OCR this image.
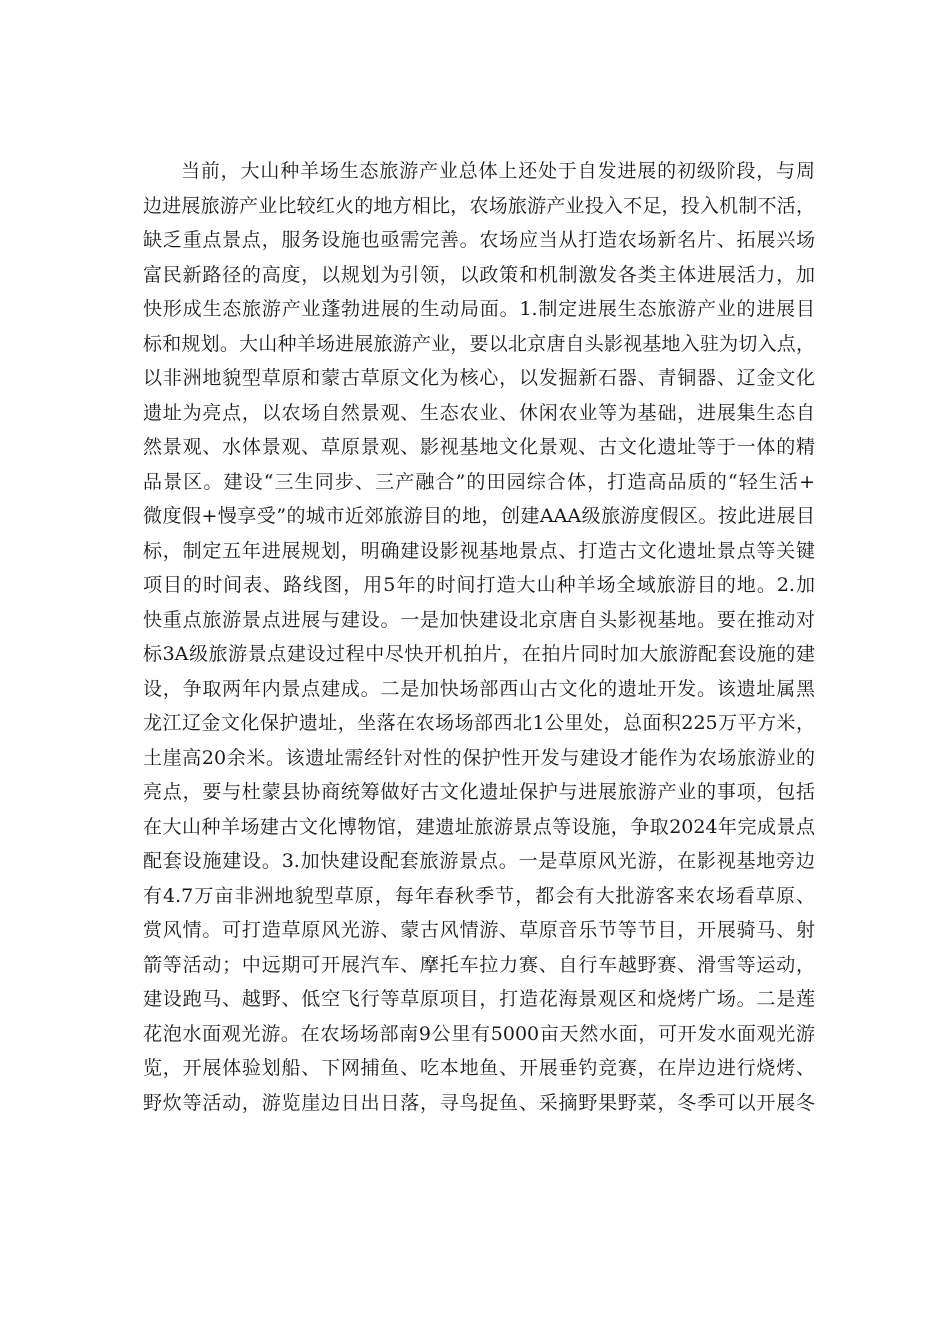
当前，大山种羊场生态旅游产业总体上还处于自发进展的初级阶段，与周
边进展旅游产业比较红火的地方相比，农场旅游产业投入不足，投入机制不活，
缺乏重点景点，服务设施也亟需完善。农场应当从打造农场新名片、拓展兴场
富民新路径的高度，以规划为引领，以政策和机制激发各类主体进展活力，加
快形成生态旅游产业蓬勃进展的生动局面。1.制定进展生态旅游产业的进展目
标和规划。大山种羊场进展旅游产业，要以北京唐自头影视基地入驻为切入点，
以非洲地貌型草原和蒙古草原文化为核心，以发掘新石器、青铜器、辽金文化
遗址为亮点，以农场自然景观、生态农业、休闲农业等为基础，进展集生态自
然景观、水体景观、草原景观、影视基地文化景观、古文化遗址等于一体的精
品景区。建设“三生同步、三产融合”的田园综合体，打造高品质的“轻生活+
微度假+慢享受”的城市近郊旅游目的地，创建AAA级旅游度假区。按此进展目
标，制定五年进展规划，明确建设影视基地景点、打造古文化遗址景点等关键
项目的时间表、路线图，用5年的时间打造大山种羊场全域旅游目的地。2.加
快重点旅游景点进展与建设。一是加快建设北京唐自头影视基地。要在推动对
标3A级旅游景点建设过程中尽快开机拍片，在拍片同时加大旅游配套设施的建
设，争取两年内景点建成。二是加快场部西山古文化的遗址开发。该遗址属黑
龙江辽金文化保护遗址，坐落在农场场部西北1公里处，总面积225万平方米，
土崖高20余米。该遗址需经针对性的保护性开发与建设才能作为农场旅游业的
亮点，要与杜蒙县协商统筹做好古文化遗址保护与进展旅游产业的事项，包括
在大山种羊场建古文化博物馆，建遗址旅游景点等设施，争取2024年完成景点
配套设施建设。3.加快建设配套旅游景点。一是草原风光游，在影视基地旁边
有4.7万亩非洲地貌型草原，每年春秋季节，都会有大批游客来农场看草原、
赏风情。可打造草原风光游、蒙古风情游、草原音乐节等节目，开展骑马、射
箭等活动；中远期可开展汽车、摩托车拉力赛、自行车越野赛、滑雪等运动，
建设跑马、越野、低空飞行等草原项目，打造花海景观区和烧烤广场。二是莲
花泡水面观光游。在农场场部南9公里有5000亩天然水面，可开发水面观光游
览，开展体验划船、下网捕鱼、吃本地鱼、开展垂钓竞赛，在岸边进行烧烤、
野炊等活动，游览崖边日出日落，寻鸟捉鱼、采摘野果野菜，冬季可以开展冬
